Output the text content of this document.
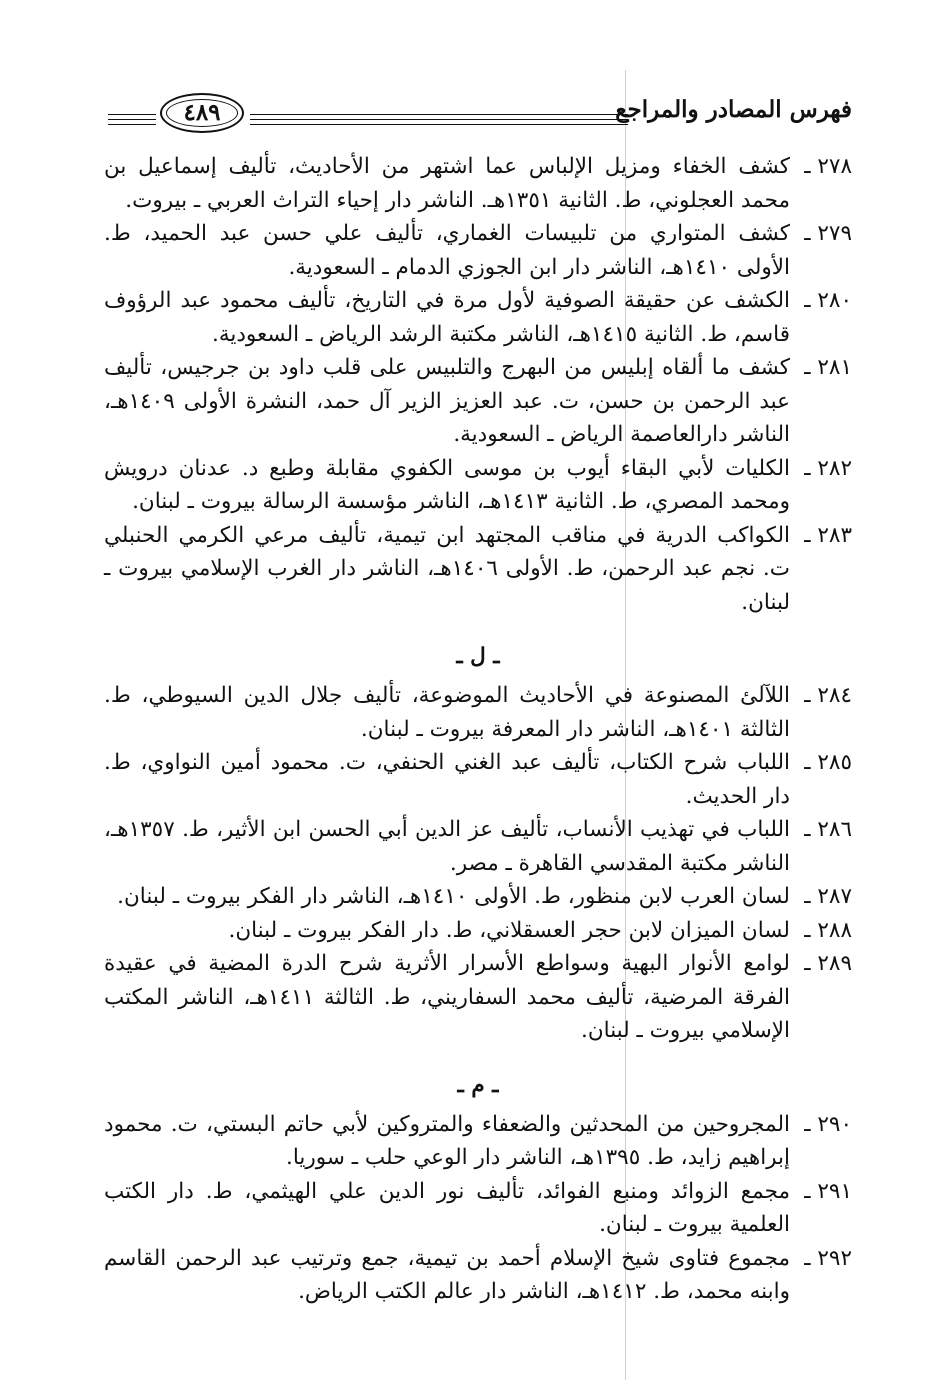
فهرس المصادر والمراجع
٤٨٩
٢٧٨ ـ
كشف الخفاء ومزيل الإلباس عما اشتهر من الأحاديث، تأليف إسماعيل بن محمد العجلوني، ط. الثانية ١٣٥١هـ. الناشر دار إحياء التراث العربي ـ بيروت.
٢٧٩ ـ
كشف المتواري من تلبيسات الغماري، تأليف علي حسن عبد الحميد، ط. الأولى ١٤١٠هـ، الناشر دار ابن الجوزي الدمام ـ السعودية.
٢٨٠ ـ
الكشف عن حقيقة الصوفية لأول مرة في التاريخ، تأليف محمود عبد الرؤوف قاسم، ط. الثانية ١٤١٥هـ، الناشر مكتبة الرشد الرياض ـ السعودية.
٢٨١ ـ
كشف ما ألقاه إبليس من البهرج والتلبيس على قلب داود بن جرجيس، تأليف عبد الرحمن بن حسن، ت. عبد العزيز الزير آل حمد، النشرة الأولى ١٤٠٩هـ، الناشر دارالعاصمة الرياض ـ السعودية.
٢٨٢ ـ
الكليات لأبي البقاء أيوب بن موسى الكفوي مقابلة وطبع د. عدنان درويش ومحمد المصري، ط. الثانية ١٤١٣هـ، الناشر مؤسسة الرسالة بيروت ـ لبنان.
٢٨٣ ـ
الكواكب الدرية في مناقب المجتهد ابن تيمية، تأليف مرعي الكرمي الحنبلي ت. نجم عبد الرحمن، ط. الأولى ١٤٠٦هـ، الناشر دار الغرب الإسلامي بيروت ـ لبنان.
ـ ل ـ
٢٨٤ ـ
اللآلئ المصنوعة في الأحاديث الموضوعة، تأليف جلال الدين السيوطي، ط. الثالثة ١٤٠١هـ، الناشر دار المعرفة بيروت ـ لبنان.
٢٨٥ ـ
اللباب شرح الكتاب، تأليف عبد الغني الحنفي، ت. محمود أمين النواوي، ط. دار الحديث.
٢٨٦ ـ
اللباب في تهذيب الأنساب، تأليف عز الدين أبي الحسن ابن الأثير، ط. ١٣٥٧هـ، الناشر مكتبة المقدسي القاهرة ـ مصر.
٢٨٧ ـ
لسان العرب لابن منظور، ط. الأولى ١٤١٠هـ، الناشر دار الفكر بيروت ـ لبنان.
٢٨٨ ـ
لسان الميزان لابن حجر العسقلاني، ط. دار الفكر بيروت ـ لبنان.
٢٨٩ ـ
لوامع الأنوار البهية وسواطع الأسرار الأثرية شرح الدرة المضية في عقيدة الفرقة المرضية، تأليف محمد السفاريني، ط. الثالثة ١٤١١هـ، الناشر المكتب الإسلامي بيروت ـ لبنان.
ـ م ـ
٢٩٠ ـ
المجروحين من المحدثين والضعفاء والمتروكين لأبي حاتم البستي، ت. محمود إبراهيم زايد، ط. ١٣٩٥هـ، الناشر دار الوعي حلب ـ سوريا.
٢٩١ ـ
مجمع الزوائد ومنبع الفوائد، تأليف نور الدين علي الهيثمي، ط. دار الكتب العلمية بيروت ـ لبنان.
٢٩٢ ـ
مجموع فتاوى شيخ الإسلام أحمد بن تيمية، جمع وترتيب عبد الرحمن القاسم وابنه محمد، ط. ١٤١٢هـ، الناشر دار عالم الكتب الرياض.
